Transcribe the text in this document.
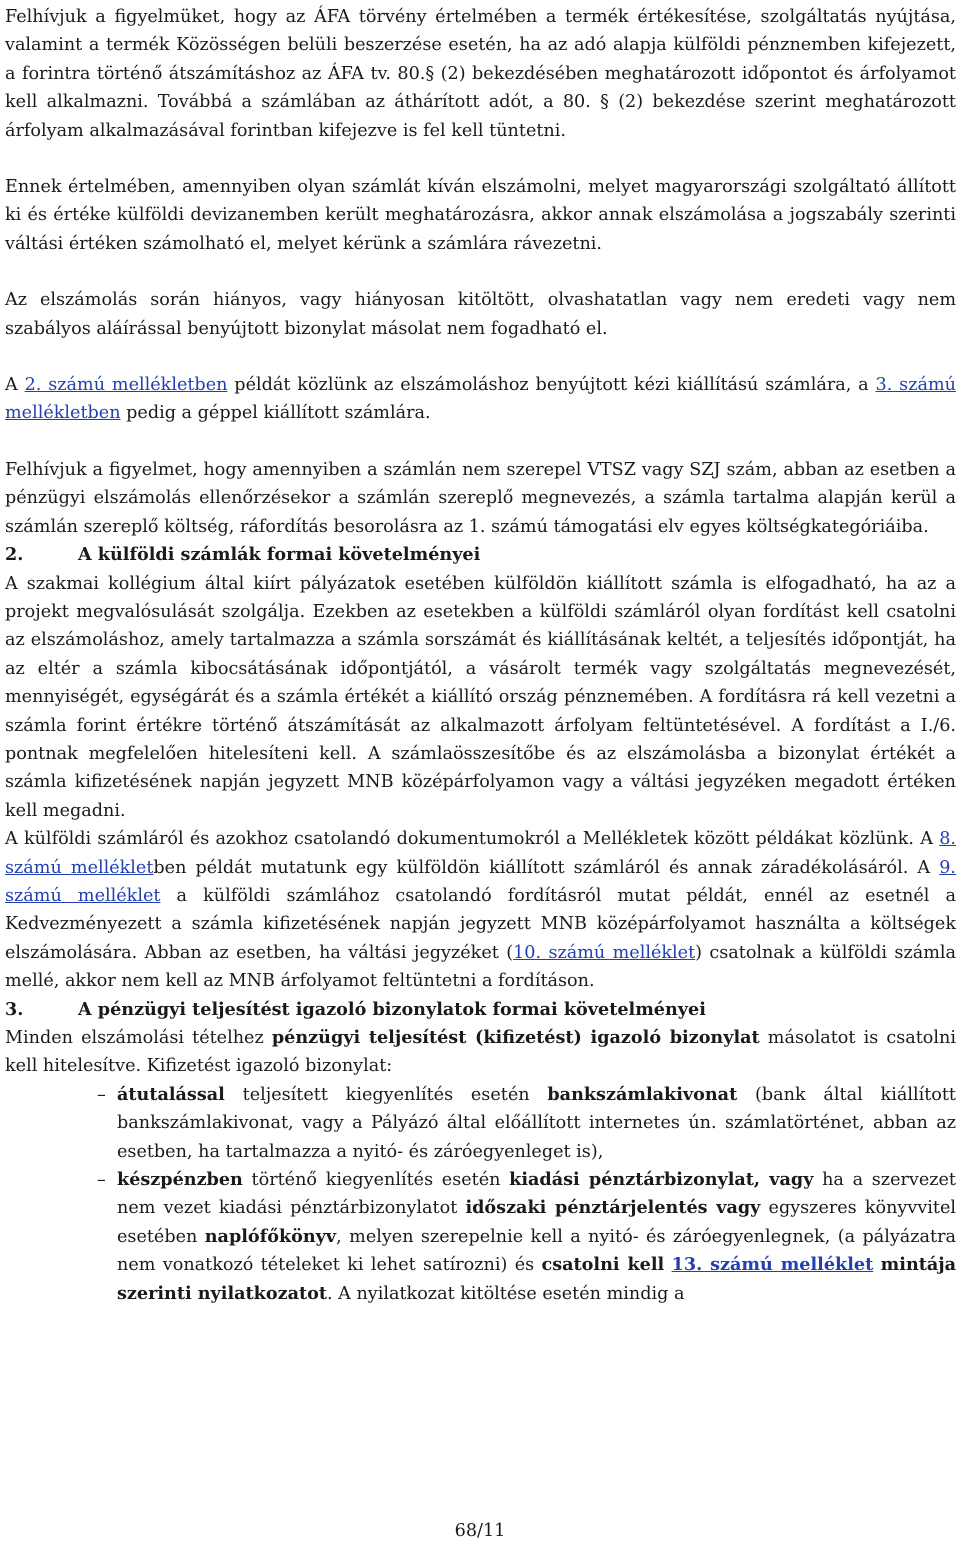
Felhívjuk a figyelmüket, hogy az ÁFA törvény értelmében a termék értékesítése, szolgáltatás nyújtása, valamint a termék Közösségen belüli beszerzése esetén, ha az adó alapja külföldi pénznemben kifejezett, a forintra történő átszámításhoz az ÁFA tv. 80.§ (2) bekezdésében meghatározott időpontot és árfolyamot kell alkalmazni. Továbbá a számlában az áthárított adót, a 80. § (2) bekezdése szerint meghatározott árfolyam alkalmazásával forintban kifejezve is fel kell tüntetni.

Ennek értelmében, amennyiben olyan számlát kíván elszámolni, melyet magyarországi szolgáltató állított ki és értéke külföldi devizanemben került meghatározásra, akkor annak elszámolása a jogszabály szerinti váltási értéken számolható el, melyet kérünk a számlára rávezetni.

Az elszámolás során hiányos, vagy hiányosan kitöltött, olvashatatlan vagy nem eredeti vagy nem szabályos aláírással benyújtott bizonylat másolat nem fogadható el.

A 2. számú mellékletben példát közlünk az elszámoláshoz benyújtott kézi kiállítású számlára, a 3. számú mellékletben pedig a géppel kiállított számlára.

Felhívjuk a figyelmet, hogy amennyiben a számlán nem szerepel VTSZ vagy SZJ szám, abban az esetben a pénzügyi elszámolás ellenőrzésekor a számlán szereplő megnevezés, a számla tartalma alapján kerül a számlán szereplő költség, ráfordítás besorolásra az 1. számú támogatási elv egyes költségkategóriáiba.

2.	A külföldi számlák formai követelményei

A szakmai kollégium által kiírt pályázatok esetében külföldön kiállított számla is elfogadható, ha az a projekt megvalósulását szolgálja. Ezekben az esetekben a külföldi számláról olyan fordítást kell csatolni az elszámoláshoz, amely tartalmazza a számla sorszámát és kiállításának keltét, a teljesítés időpontját, ha az eltér a számla kibocsátásának időpontjától, a vásárolt termék vagy szolgáltatás megnevezését, mennyiségét, egységárát és a számla értékét a kiállító ország pénznemében. A fordításra rá kell vezetni a számla forint értékre történő átszámítását az alkalmazott árfolyam feltüntetésével. A fordítást a I./6. pontnak megfelelően hitelesíteni kell. A számlaösszesítőbe és az elszámolásba a bizonylat értékét a számla kifizetésének napján jegyzett MNB középárfolyamon vagy a váltási jegyzéken megadott értéken kell megadni.

A külföldi számláról és azokhoz csatolandó dokumentumokról a Mellékletek között példákat közlünk. A 8. számú mellékletben példát mutatunk egy külföldön kiállított számláról és annak záradékolásáról. A 9. számú melléklet a külföldi számlához csatolandó fordításról mutat példát, ennél az esetnél a Kedvezményezett a számla kifizetésének napján jegyzett MNB középárfolyamot használta a költségek elszámolására. Abban az esetben, ha váltási jegyzéket (10. számú melléklet) csatolnak a külföldi számla mellé, akkor nem kell az MNB árfolyamot feltüntetni a fordításon.

3.	A pénzügyi teljesítést igazoló bizonylatok formai követelményei

Minden elszámolási tételhez pénzügyi teljesítést (kifizetést) igazoló bizonylat másolatot is csatolni kell hitelesítve. Kifizetést igazoló bizonylat:

– átutalással teljesített kiegyenlítés esetén bankszámlakivonat (bank által kiállított bankszámlakivonat, vagy a Pályázó által előállított internetes ún. számlatörténet, abban az esetben, ha tartalmazza a nyitó- és záróegyenleget is),
– készpénzben történő kiegyenlítés esetén kiadási pénztárbizonylat, vagy ha a szervezet nem vezet kiadási pénztárbizonylatot időszaki pénztárjelentés vagy egyszeres könyvvitel esetében naplófőkönyv, melyen szerepelnie kell a nyitó- és záróegyenlegnek, (a pályázatra nem vonatkozó tételeket ki lehet satírozni) és csatolni kell 13. számú melléklet mintája szerinti nyilatkozatot. A nyilatkozat kitöltése esetén mindig a
68/11
